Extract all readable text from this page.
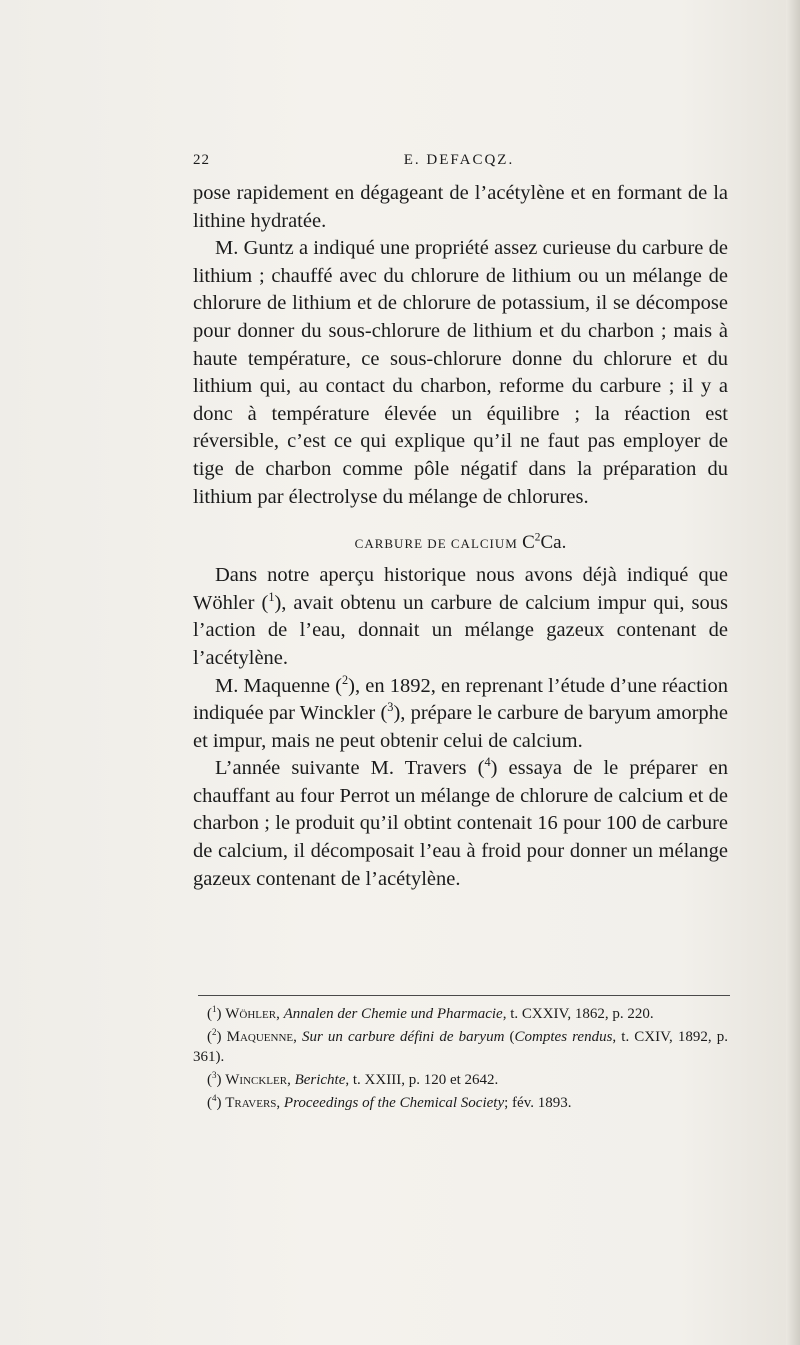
22	E. DEFACQZ.

pose rapidement en dégageant de l’acétylène et en formant de la lithine hydratée.

M. Guntz a indiqué une propriété assez curieuse du carbure de lithium ; chauffé avec du chlorure de lithium ou un mélange de chlorure de lithium et de chlorure de potassium, il se décompose pour donner du sous-chlorure de lithium et du charbon ; mais à haute température, ce sous-chlorure donne du chlorure et du lithium qui, au contact du charbon, reforme du carbure ; il y a donc à température élevée un équilibre ; la réaction est réversible, c’est ce qui explique qu’il ne faut pas employer de tige de charbon comme pôle négatif dans la préparation du lithium par électrolyse du mélange de chlorures.

CARBURE DE CALCIUM $C^2Ca$.

Dans notre aperçu historique nous avons déjà indiqué que Wöhler ($^1$), avait obtenu un carbure de calcium impur qui, sous l’action de l’eau, donnait un mélange gazeux contenant de l’acétylène.

M. Maquenne ($^2$), en 1892, en reprenant l’étude d’une réaction indiquée par Winckler ($^3$), prépare le carbure de baryum amorphe et impur, mais ne peut obtenir celui de calcium.

L’année suivante M. Travers ($^4$) essaya de le préparer en chauffant au four Perrot un mélange de chlorure de calcium et de charbon ; le produit qu’il obtint contenait 16 pour 100 de carbure de calcium, il décomposait l’eau à froid pour donner un mélange gazeux contenant de l’acétylène.

($^1$) Wöhler, Annalen der Chemie und Pharmacie, t. CXXIV, 1862, p. 220.

($^2$) Maquenne, Sur un carbure défini de baryum (Comptes rendus, t. CXIV, 1892, p. 361).

($^3$) Winckler, Berichte, t. XXIII, p. 120 et 2642.

($^4$) Travers, Proceedings of the Chemical Society; fév. 1893.
